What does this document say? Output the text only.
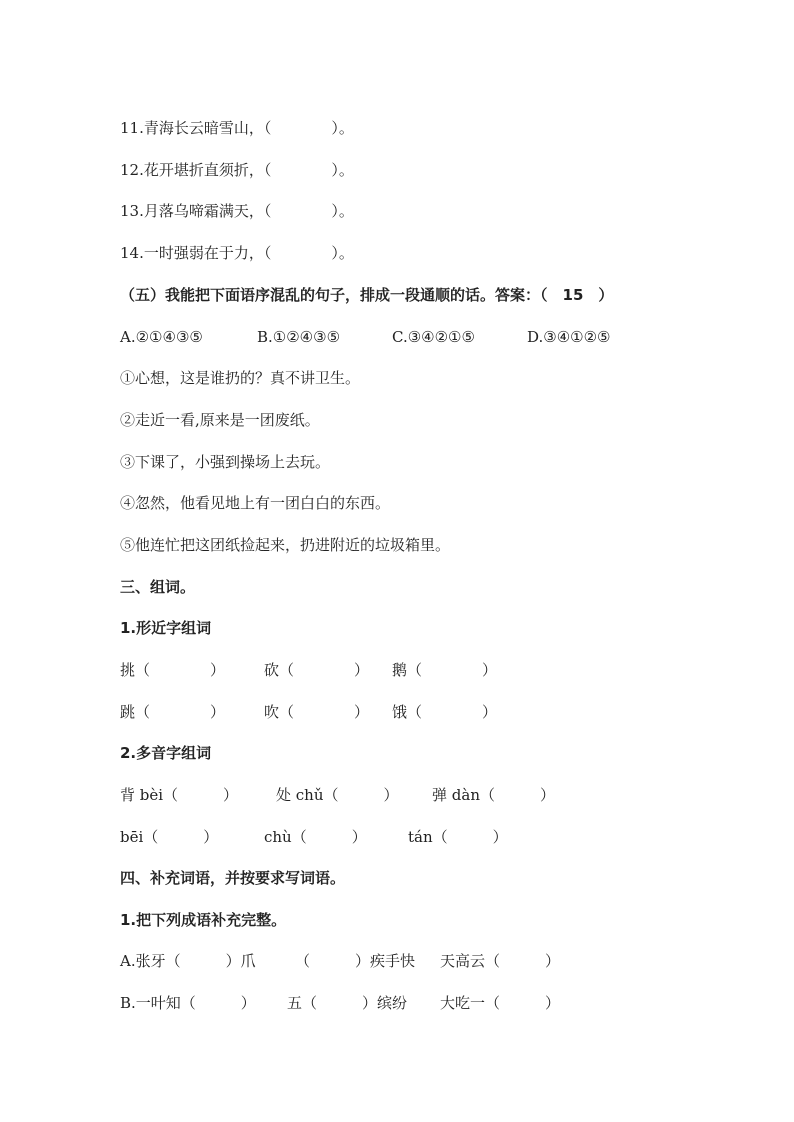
11.青海长云暗雪山，（　　　　）。
12.花开堪折直须折，（　　　　）。
13.月落乌啼霜满天，（　　　　）。
14.一时强弱在于力，（　　　　）。
（五）我能把下面语序混乱的句子，排成一段通顺的话。答案：（　15　）
A.②①④③⑤	B.①②④③⑤	C.③④②①⑤	D.③④①②⑤
①心想，这是谁扔的？真不讲卫生。
②走近一看,原来是一团废纸。
③下课了，小强到操场上去玩。
④忽然，他看见地上有一团白白的东西。
⑤他连忙把这团纸捡起来，扔进附近的垃圾箱里。
三、组词。
1.形近字组词
挑（　　　　）	砍（　　　　） 鹅（　　　　）
跳（　　　　）	吹（　　　　） 饿（　　　　）
2.多音字组词
背 bèi（　　　）	处 chǔ（　　　） 弹 dàn（　　　）
bēi（　　　）	chù（　　　）	tán（　　　）
四、补充词语，并按要求写词语。
1.把下列成语补充完整。
A.张牙（　　　）爪	（　　　）疾手快 天高云（　　　）
B.一叶知（　　　） 五（　　　）缤纷 大吃一（　　　）
